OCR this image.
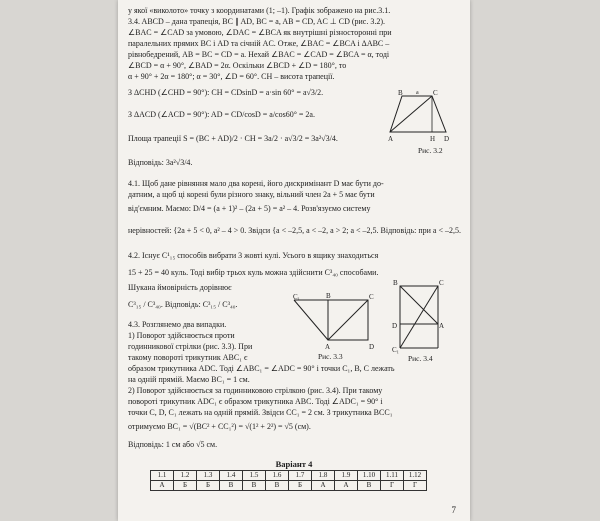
у якої «виколото» точку з координатами (1; –1). Графік зображено на рис.3.1.
3.4. ABCD – дана трапеція, BC ∥ AD, BC = a, AB = CD, AC ⊥ CD (рис. 3.2).
∠BAC = ∠CAD за умовою, ∠DAC = ∠BCA як внутрішні різносторонні при
паралельних прямих BC і AD та січній AC. Отже, ∠BAC = ∠BCA і ΔABC –
рівнобедрений, AB = BC = CD = a. Нехай ∠BAC = ∠CAD = ∠BCA = α, тоді
∠BCD = α + 90°, ∠BAD = 2α. Оскільки ∠BCD + ∠D = 180°, то
α + 90° + 2α = 180°; α = 30°, ∠D = 60°. CH – висота трапеції.
З ΔCHD (∠CHD = 90°): CH = CDsinD = a·sin 60° = a√3/2.
З ΔACD (∠ACD = 90°): AD = CD/cosD = a/cos60° = 2a.
Площа трапеції S = (BC + AD)/2 · CH = 3a/2 · a√3/2 = 3a²√3/4.
Відповідь: 3a²√3/4.
4.1. Щоб дане рівняння мало два корені, його дискримінант D має бути до-
датним, а щоб ці корені були різного знаку, вільний член 2a + 5 має бути
від'ємним. Маємо: D/4 = (a + 1)² – (2a + 5) = a² – 4. Розв'язуємо систему
нерівностей: {2a + 5 < 0, a² – 4 > 0. Звідси {a < –2,5, a < –2, a > 2; a < –2,5. Відповідь: при a < –2,5.
4.2. Існує C¹₁₅ способів вибрати 3 жовті кулі. Усього в ящику знаходиться
15 + 25 = 40 куль. Тоді вибір трьох куль можна здійснити C³₄₀ способами.
Шукана ймовірність дорівнює
C³₁₅ / C³₄₀. Відповідь: C³₁₅ / C³₄₀.
4.3. Розглянемо два випадки.
1) Поворот здійснюється проти
годинникової стрілки (рис. 3.3). При
такому повороті трикутник ABC₁ є
образом трикутника ADC. Тоді ∠ABC₁ = ∠ADC = 90° і точки C₁, B, C лежать
на одній прямій. Маємо BC₁ = 1 см.
2) Поворот здійснюється за годинниковою стрілкою (рис. 3.4). При такому
повороті трикутник ADC₁ є образом трикутника ABC. Тоді ∠ADC₁ = 90° і
точки C, D, C₁ лежать на одній прямій. Звідси CC₁ = 2 см. З трикутника BCC₁
отримуємо BC₁ = √(BC² + CC₁²) = √(1² + 2²) = √5 (см).
Відповідь: 1 см або √5 см.
B	C
A	H D
a
Рис. 3.2
C₁	B	C
A	D
Рис. 3.3
B	C
A
D
C₁
Рис. 3.4
Варіант 4
1.1	1.2	1.3	1.4	1.5	1.6	1.7	1.8	1.9	1.10	1.11	1.12
А	Б	Б	В	В	В	Б	А	А	В	Г	Г
7
